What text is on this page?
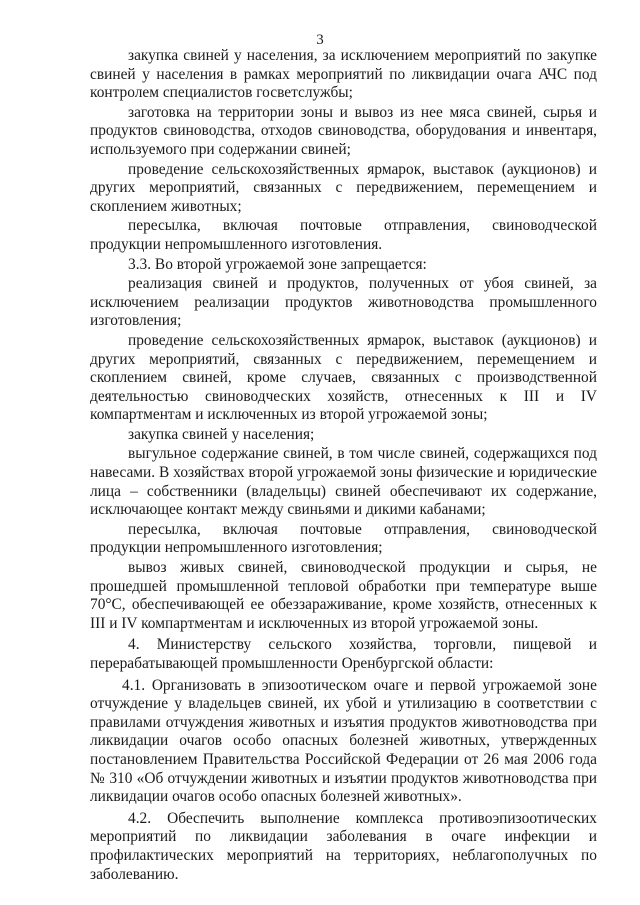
3

закупка свиней у населения, за исключением мероприятий по закупке свиней у населения в рамках мероприятий по ликвидации очага АЧС под контролем специалистов госветслужбы;

заготовка на территории зоны и вывоз из нее мяса свиней, сырья и продуктов свиноводства, отходов свиноводства, оборудования и инвентаря, используемого при содержании свиней;

проведение сельскохозяйственных ярмарок, выставок (аукционов) и других мероприятий, связанных с передвижением, перемещением и скоплением животных;

пересылка, включая почтовые отправления, свиноводческой продукции непромышленного изготовления.

3.3. Во второй угрожаемой зоне запрещается:

реализация свиней и продуктов, полученных от убоя свиней, за исключением реализации продуктов животноводства промышленного изготовления;

проведение сельскохозяйственных ярмарок, выставок (аукционов) и других мероприятий, связанных с передвижением, перемещением и скоплением свиней, кроме случаев, связанных с производственной деятельностью свиноводческих хозяйств, отнесенных к III и IV компартментам и исключенных из второй угрожаемой зоны;

закупка свиней у населения;

выгульное содержание свиней, в том числе свиней, содержащихся под навесами. В хозяйствах второй угрожаемой зоны физические и юридические лица – собственники (владельцы) свиней обеспечивают их содержание, исключающее контакт между свиньями и дикими кабанами;

пересылка, включая почтовые отправления, свиноводческой продукции непромышленного изготовления;

вывоз живых свиней, свиноводческой продукции и сырья, не прошедшей промышленной тепловой обработки при температуре выше 70°С, обеспечивающей ее обеззараживание, кроме хозяйств, отнесенных к III и IV компартментам и исключенных из второй угрожаемой зоны.

4. Министерству сельского хозяйства, торговли, пищевой и перерабатывающей промышленности Оренбургской области:

4.1. Организовать в эпизоотическом очаге и первой угрожаемой зоне отчуждение у владельцев свиней, их убой и утилизацию в соответствии с правилами отчуждения животных и изъятия продуктов животноводства при ликвидации очагов особо опасных болезней животных, утвержденных постановлением Правительства Российской Федерации от 26 мая 2006 года № 310 «Об отчуждении животных и изъятии продуктов животноводства при ликвидации очагов особо опасных болезней животных».

4.2. Обеспечить выполнение комплекса противоэпизоотических мероприятий по ликвидации заболевания в очаге инфекции и профилактических мероприятий на территориях, неблагополучных по заболеванию.
